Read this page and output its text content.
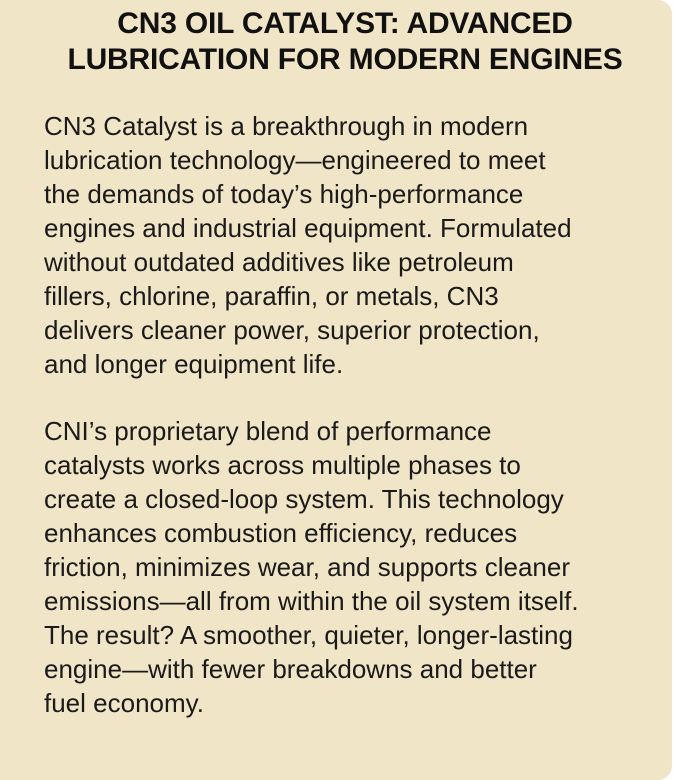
CN3 OIL CATALYST: ADVANCED
LUBRICATION FOR MODERN ENGINES

CN3 Catalyst is a breakthrough in modern
lubrication technology—engineered to meet
the demands of today’s high-performance
engines and industrial equipment. Formulated
without outdated additives like petroleum
fillers, chlorine, paraffin, or metals, CN3
delivers cleaner power, superior protection,
and longer equipment life.

CNI’s proprietary blend of performance
catalysts works across multiple phases to
create a closed-loop system. This technology
enhances combustion efficiency, reduces
friction, minimizes wear, and supports cleaner
emissions—all from within the oil system itself.
The result? A smoother, quieter, longer-lasting
engine—with fewer breakdowns and better
fuel economy.
